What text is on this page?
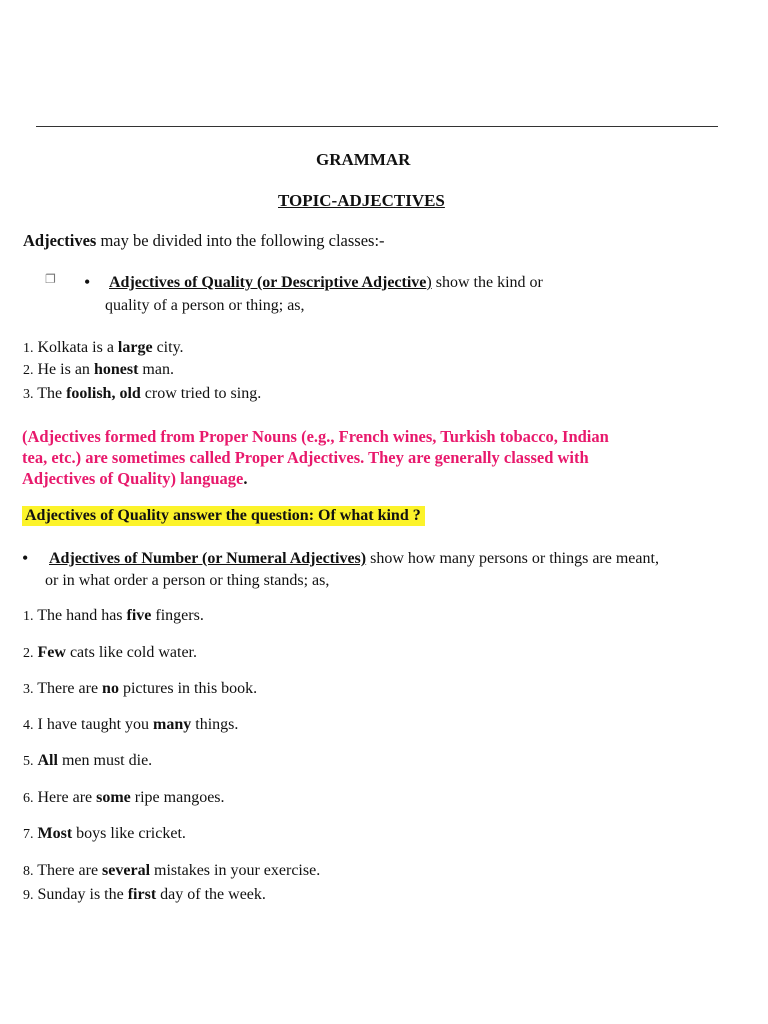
GRAMMAR
TOPIC-ADJECTIVES
Adjectives may be divided into the following classes:-
❐ • Adjectives of Quality (or Descriptive Adjective) show the kind or
quality of a person or thing; as,
1. Kolkata is a large city.
2. He is an honest man.
3. The foolish, old crow tried to sing.
(Adjectives formed from Proper Nouns (e.g., French wines, Turkish tobacco, Indian tea, etc.) are sometimes called Proper Adjectives. They are generally classed with Adjectives of Quality) language.
Adjectives of Quality answer the question: Of what kind ?
• Adjectives of Number (or Numeral Adjectives) show how many persons or things are meant,
or in what order a person or thing stands; as,
1. The hand has five fingers.
2. Few cats like cold water.
3. There are no pictures in this book.
4. I have taught you many things.
5. All men must die.
6. Here are some ripe mangoes.
7. Most boys like cricket.
8. There are several mistakes in your exercise.
9. Sunday is the first day of the week.
